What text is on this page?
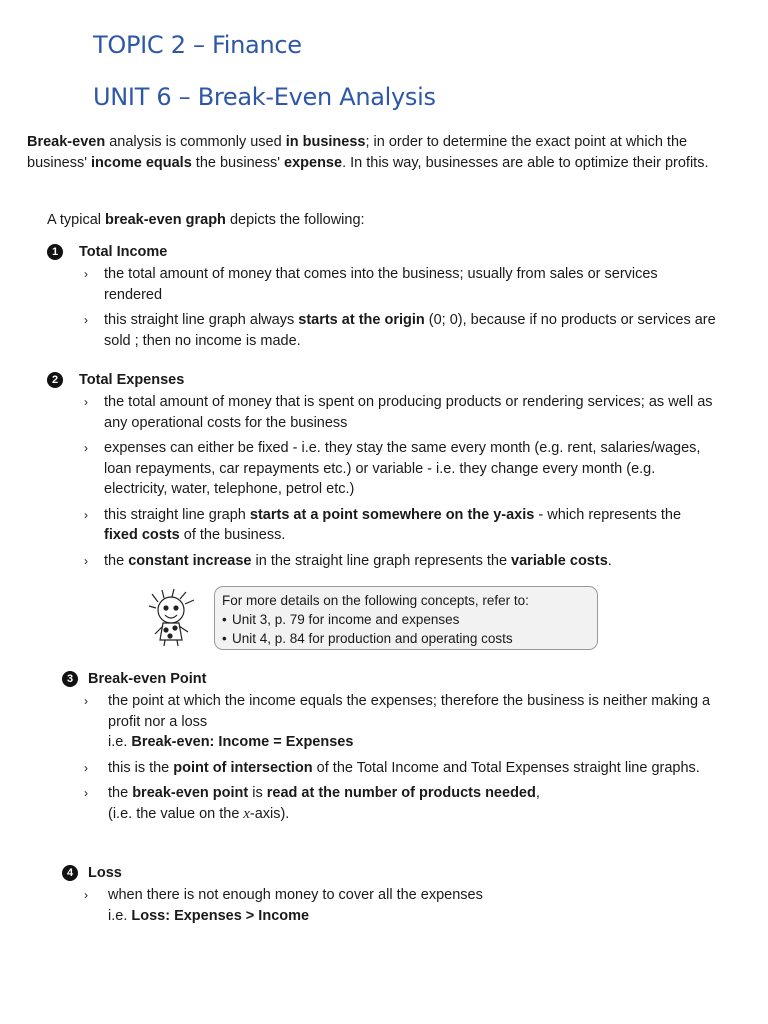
TOPIC 2 – Finance
UNIT 6 – Break-Even Analysis

Break-even analysis is commonly used in business; in order to determine the exact point at which the business' income equals the business' expense. In this way, businesses are able to optimize their profits.

A typical break-even graph depicts the following:

1	Total Income
› the total amount of money that comes into the business; usually from sales or services rendered
› this straight line graph always starts at the origin (0; 0), because if no products or services are sold ; then no income is made.
2	Total Expenses
› the total amount of money that is spent on producing products or rendering services; as well as any operational costs for the business
› expenses can either be fixed - i.e. they stay the same every month (e.g. rent, salaries/wages, loan repayments, car repayments etc.) or variable - i.e. they change every month (e.g. electricity, water, telephone, petrol etc.)
› this straight line graph starts at a point somewhere on the y-axis - which represents the fixed costs of the business.
› the constant increase in the straight line graph represents the variable costs.
For more details on the following concepts, refer to:
• Unit 3, p. 79 for income and expenses
• Unit 4, p. 84 for production and operating costs
3	Break-even Point
› the point at which the income equals the expenses; therefore the business is neither making a profit nor a loss
i.e. Break-even: Income = Expenses
› this is the point of intersection of the Total Income and Total Expenses straight line graphs.
› the break-even point is read at the number of products needed,
(i.e. the value on the x-axis).
4	Loss
› when there is not enough money to cover all the expenses
i.e. Loss: Expenses > Income
